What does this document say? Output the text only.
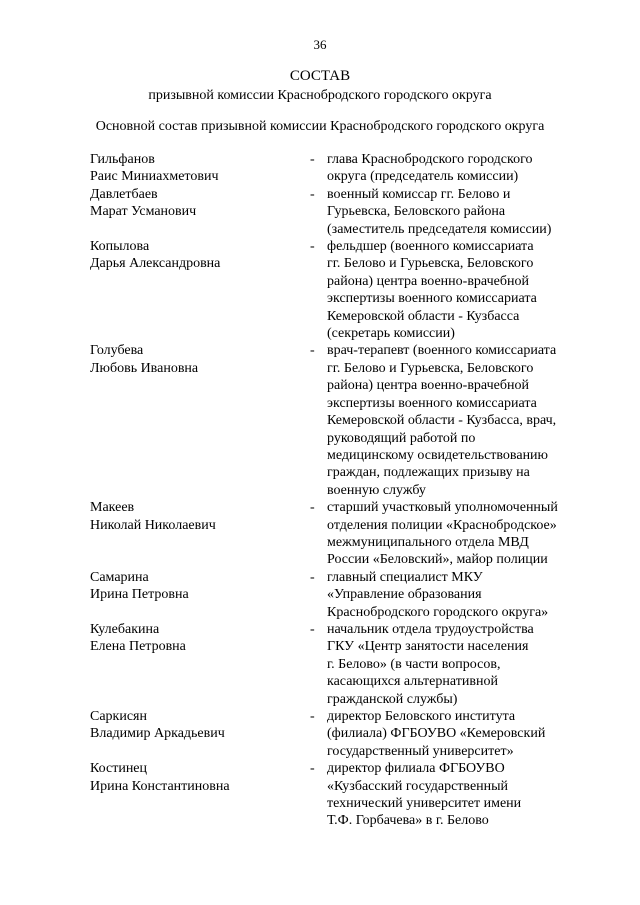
36
СОСТАВ
призывной комиссии Краснобродского городского округа
Основной состав призывной комиссии Краснобродского городского округа
Гильфанов
Раис Миниахметович
- глава Краснобродского городского
округа (председатель комиссии)
Давлетбаев
Марат Усманович
- военный комиссар гг. Белово и
Гурьевска, Беловского района
(заместитель председателя комиссии)
Копылова
Дарья Александровна
- фельдшер (военного комиссариата
гг. Белово и Гурьевска, Беловского
района) центра военно-врачебной
экспертизы военного комиссариата
Кемеровской области - Кузбасса
(секретарь комиссии)
Голубева
Любовь Ивановна
- врач-терапевт (военного комиссариата
гг. Белово и Гурьевска, Беловского
района) центра военно-врачебной
экспертизы военного комиссариата
Кемеровской области - Кузбасса, врач,
руководящий работой по
медицинскому освидетельствованию
граждан, подлежащих призыву на
военную службу
Макеев
Николай Николаевич
- старший участковый уполномоченный
отделения полиции «Краснобродское»
межмуниципального отдела МВД
России «Беловский», майор полиции
Самарина
Ирина Петровна
- главный специалист МКУ
«Управление образования
Краснобродского городского округа»
Кулебакина
Елена Петровна
- начальник отдела трудоустройства
ГКУ «Центр занятости населения
г. Белово» (в части вопросов,
касающихся альтернативной
гражданской службы)
Саркисян
Владимир Аркадьевич
- директор Беловского института
(филиала) ФГБОУВО «Кемеровский
государственный университет»
Костинец
Ирина Константиновна
- директор филиала ФГБОУВО
«Кузбасский государственный
технический университет имени
Т.Ф. Горбачева» в г. Белово
